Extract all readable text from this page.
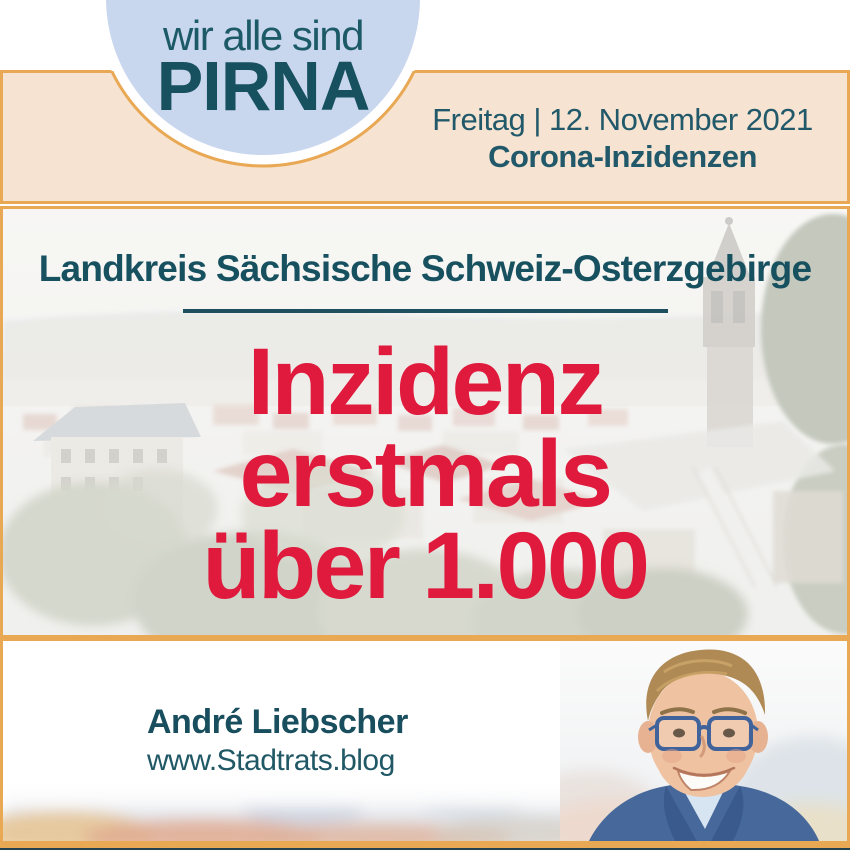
wir alle sind
PIRNA	Freitag | 12. November 2021
Corona-Inzidenzen
Landkreis Sächsische Schweiz-Osterzgebirge
Inzidenz
erstmals
über 1.000
André Liebscher
www.Stadtrats.blog
